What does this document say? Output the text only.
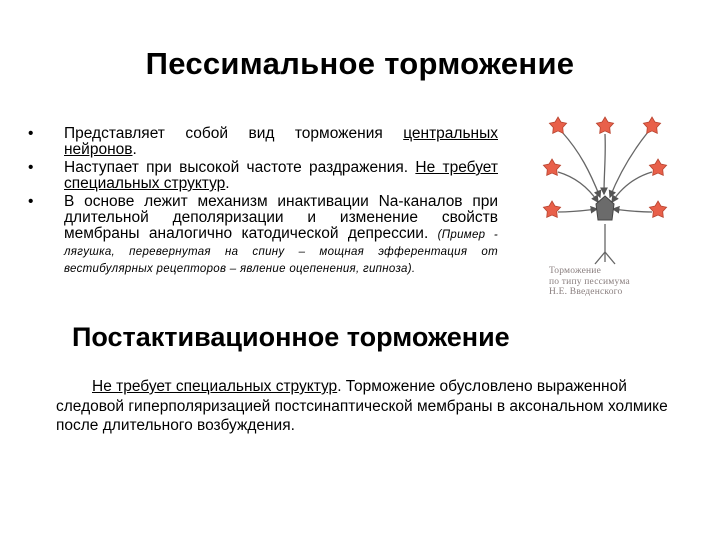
Пессимальное торможение
• Представляет собой вид торможения центральных нейронов.
• Наступает при высокой частоте раздражения. Не требует специальных структур.
• В основе лежит механизм инактивации Na-каналов при длительной деполяризации и изменение свойств мембраны аналогично катодической депрессии. (Пример - лягушка, перевернутая на спину – мощная эфферентация от вестибулярных рецепторов – явление оцепенения, гипноза).	Торможение
по типу пессимума
Н.Е. Введенского
Постактивационное торможение

Не требует специальных структур. Торможение обусловлено выраженной следовой гиперполяризацией постсинаптической мембраны в аксональном холмике после длительного возбуждения.
